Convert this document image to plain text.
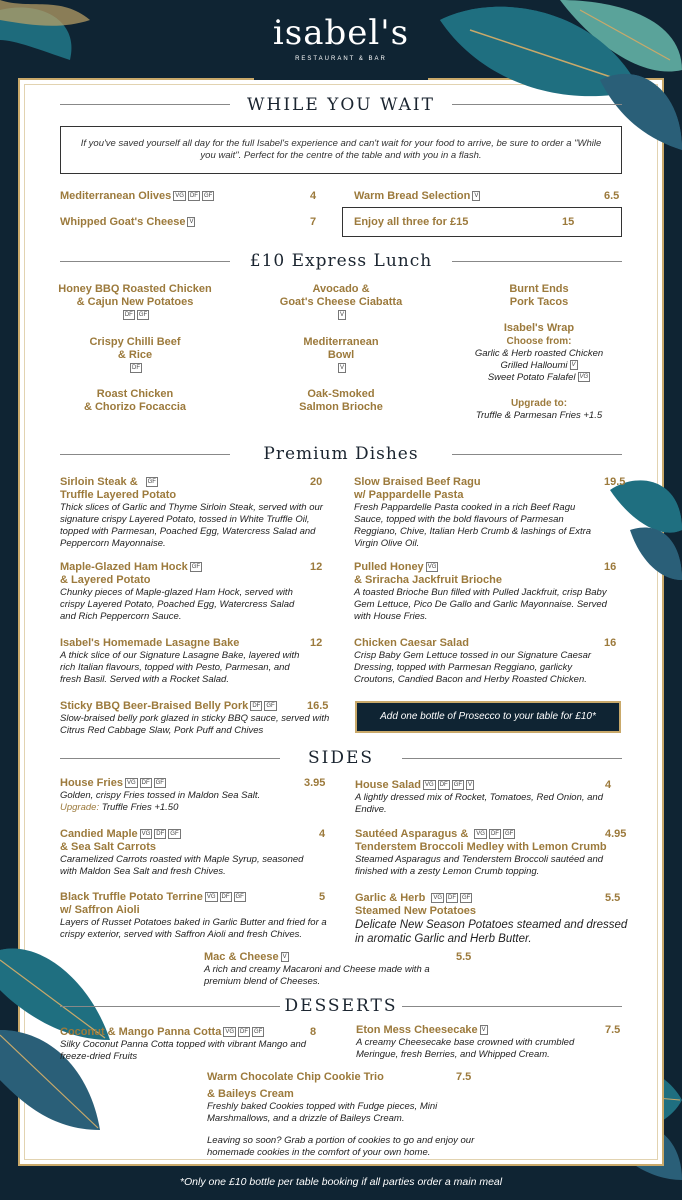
isabel's
RESTAURANT & BAR
WHILE YOU WAIT
If you've saved yourself all day for the full Isabel's experience and can't wait for your food to arrive, be sure to order a "While you wait". Perfect for the centre of the table and with you in a flash.
Mediterranean Olives VG DF GF	4
Whipped Goat's Cheese V	7
Warm Bread Selection V	6.5
Enjoy all three for £15	15
£10 Express Lunch
Honey BBQ Roasted Chicken
& Cajun New Potatoes
DF GF
Crispy Chilli Beef
& Rice
DF
Roast Chicken
& Chorizo Focaccia
Avocado &
Goat's Cheese Ciabatta
V
Mediterranean
Bowl
V
Oak-Smoked
Salmon Brioche
Burnt Ends
Pork Tacos
Isabel's Wrap
Choose from:
Garlic & Herb roasted Chicken
Grilled Halloumi V
Sweet Potato Falafel VG
Upgrade to:
Truffle & Parmesan Fries +1.5
Premium Dishes
Sirloin Steak & GF
Truffle Layered Potato
Thick slices of Garlic and Thyme Sirloin Steak, served with our signature crispy Layered Potato, tossed in White Truffle Oil, topped with Parmesan, Poached Egg, Watercress Salad and Peppercorn Mayonnaise.
20
Maple-Glazed Ham Hock GF
& Layered Potato
Chunky pieces of Maple-glazed Ham Hock, served with crispy Layered Potato, Poached Egg, Watercress Salad and Rich Peppercorn Sauce.
12
Isabel's Homemade Lasagne Bake
A thick slice of our Signature Lasagne Bake, layered with rich Italian flavours, topped with Pesto, Parmesan, and fresh Basil. Served with a Rocket Salad.
12
Sticky BBQ Beer-Braised Belly Pork DF GF
Slow-braised belly pork glazed in sticky BBQ sauce, served with Citrus Red Cabbage Slaw, Pork Puff and Chives
16.5
Slow Braised Beef Ragu
w/ Pappardelle Pasta
Fresh Pappardelle Pasta cooked in a rich Beef Ragu Sauce, topped with the bold flavours of Parmesan Reggiano, Chive, Italian Herb Crumb & lashings of Extra Virgin Olive Oil.
19.5
Pulled Honey VG
& Sriracha Jackfruit Brioche
A toasted Brioche Bun filled with Pulled Jackfruit, crisp Baby Gem Lettuce, Pico De Gallo and Garlic Mayonnaise. Served with House Fries.
16
Chicken Caesar Salad
Crisp Baby Gem Lettuce tossed in our Signature Caesar Dressing, topped with Parmesan Reggiano, garlicky Croutons, Candied Bacon and Herby Roasted Chicken.
16
Add one bottle of Prosecco to your table for £10*
SIDES
House Fries VG DF GF
Golden, crispy Fries tossed in Maldon Sea Salt.
Upgrade: Truffle Fries +1.50
3.95
Candied Maple VG DF GF
& Sea Salt Carrots
Caramelized Carrots roasted with Maple Syrup, seasoned with Maldon Sea Salt and fresh Chives.
4
Black Truffle Potato Terrine VG DF GF
w/ Saffron Aioli
Layers of Russet Potatoes baked in Garlic Butter and fried for a crispy exterior, served with Saffron Aioli and fresh Chives.
5
House Salad VG DF GF V
A lightly dressed mix of Rocket, Tomatoes, Red Onion, and Endive.
4
Sautéed Asparagus & VG DF GF
Tenderstem Broccoli Medley with Lemon Crumb
Steamed Asparagus and Tenderstem Broccoli sautéed and finished with a zesty Lemon Crumb topping.
4.95
Garlic & Herb VG DF GF
Steamed New Potatoes
Delicate New Season Potatoes steamed and dressed in aromatic Garlic and Herb Butter.
5.5
Mac & Cheese V
A rich and creamy Macaroni and Cheese made with a premium blend of Cheeses.
5.5
DESSERTS
Coconut & Mango Panna Cotta VG DF GF
Silky Coconut Panna Cotta topped with vibrant Mango and freeze-dried Fruits
8	Eton Mess Cheesecake V
A creamy Cheesecake base crowned with crumbled Meringue, fresh Berries, and Whipped Cream.
7.5
Warm Chocolate Chip Cookie Trio
& Baileys Cream
Freshly baked Cookies topped with Fudge pieces, Mini Marshmallows, and a drizzle of Baileys Cream.
Leaving so soon? Grab a portion of cookies to go and enjoy our homemade cookies in the comfort of your own home.
7.5
*Only one £10 bottle per table booking if all parties order a main meal
